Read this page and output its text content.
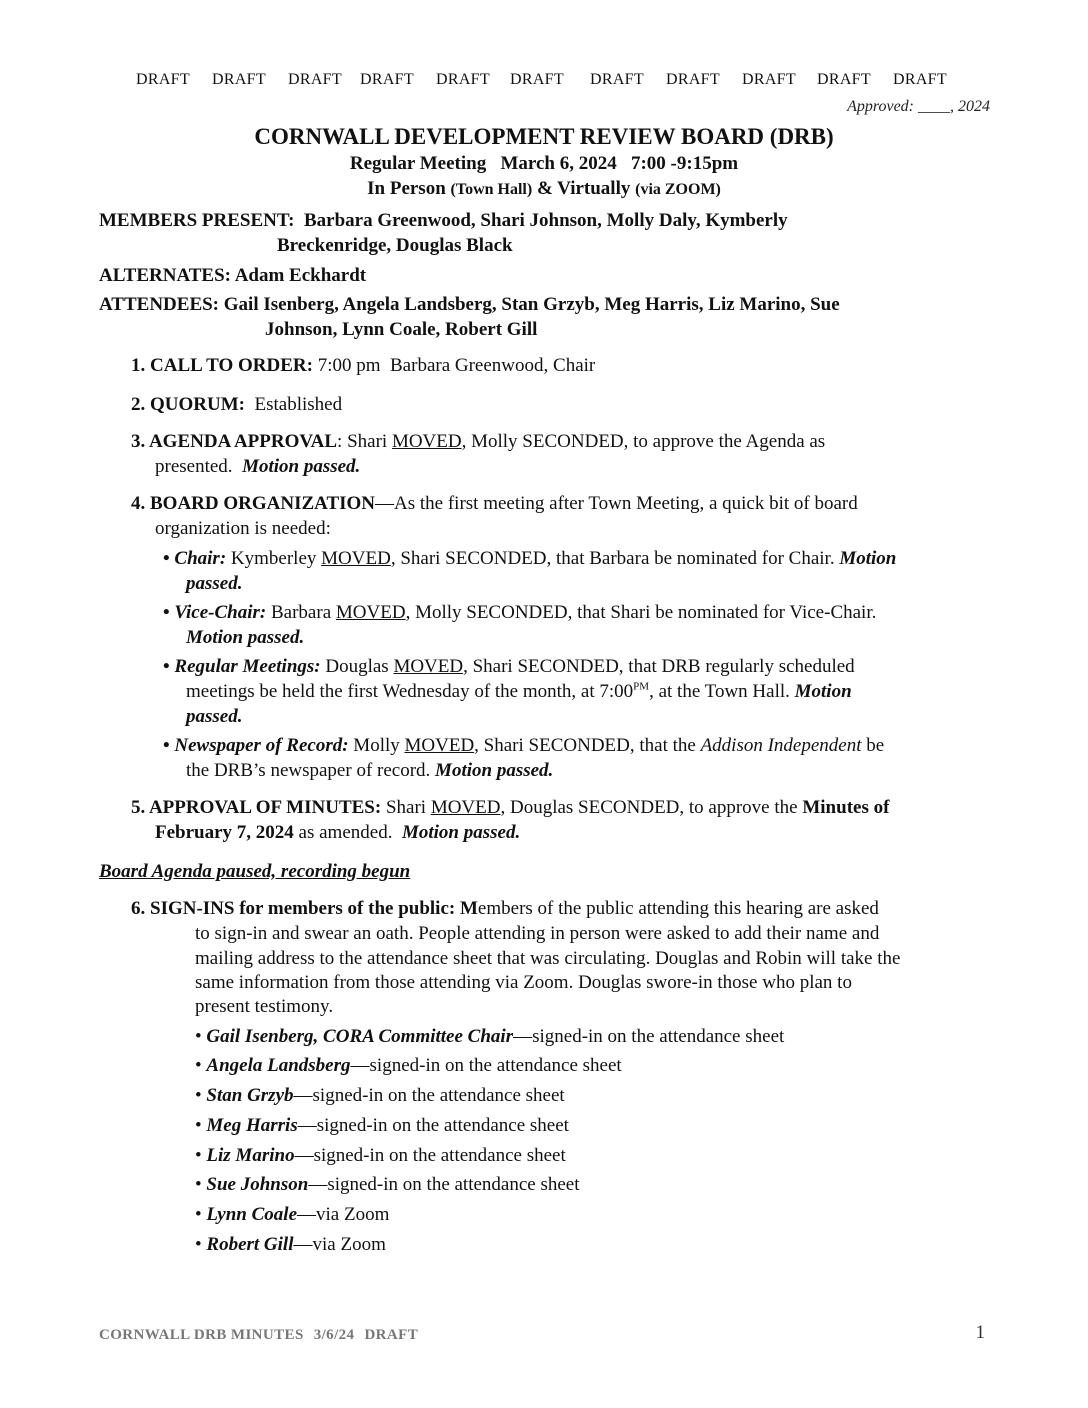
DRAFT DRAFT DRAFT DRAFT DRAFT DRAFT DRAFT DRAFT DRAFT DRAFT DRAFT
Approved: ____, 2024
CORNWALL DEVELOPMENT REVIEW BOARD (DRB)
Regular Meeting   March 6, 2024   7:00 -9:15pm
In Person (Town Hall) & Virtually (via ZOOM)
MEMBERS PRESENT: Barbara Greenwood, Shari Johnson, Molly Daly, Kymberly
Breckenridge, Douglas Black
ALTERNATES: Adam Eckhardt
ATTENDEES: Gail Isenberg, Angela Landsberg, Stan Grzyb, Meg Harris, Liz Marino, Sue
Johnson, Lynn Coale, Robert Gill
1. CALL TO ORDER: 7:00 pm  Barbara Greenwood, Chair
2. QUORUM:  Established
3. AGENDA APPROVAL: Shari MOVED, Molly SECONDED, to approve the Agenda as
presented.  Motion passed.
4. BOARD ORGANIZATION—As the first meeting after Town Meeting, a quick bit of board
organization is needed:
• Chair: Kymberley MOVED, Shari SECONDED, that Barbara be nominated for Chair. Motion
passed.
• Vice-Chair: Barbara MOVED, Molly SECONDED, that Shari be nominated for Vice-Chair.
Motion passed.
• Regular Meetings: Douglas MOVED, Shari SECONDED, that DRB regularly scheduled
meetings be held the first Wednesday of the month, at $7:00^{PM}$, at the Town Hall. Motion
passed.
• Newspaper of Record: Molly MOVED, Shari SECONDED, that the Addison Independent be
the DRB’s newspaper of record. Motion passed.
5. APPROVAL OF MINUTES: Shari MOVED, Douglas SECONDED, to approve the Minutes of
February 7, 2024 as amended.  Motion passed.
Board Agenda paused, recording begun
6. SIGN-INS for members of the public: Members of the public attending this hearing are asked
to sign-in and swear an oath. People attending in person were asked to add their name and
mailing address to the attendance sheet that was circulating. Douglas and Robin will take the
same information from those attending via Zoom. Douglas swore-in those who plan to
present testimony.
• Gail Isenberg, CORA Committee Chair—signed-in on the attendance sheet
• Angela Landsberg—signed-in on the attendance sheet
• Stan Grzyb—signed-in on the attendance sheet
• Meg Harris—signed-in on the attendance sheet
• Liz Marino—signed-in on the attendance sheet
• Sue Johnson—signed-in on the attendance sheet
• Lynn Coale—via Zoom
• Robert Gill—via Zoom
CORNWALL DRB MINUTES 3/6/24 DRAFT	1
